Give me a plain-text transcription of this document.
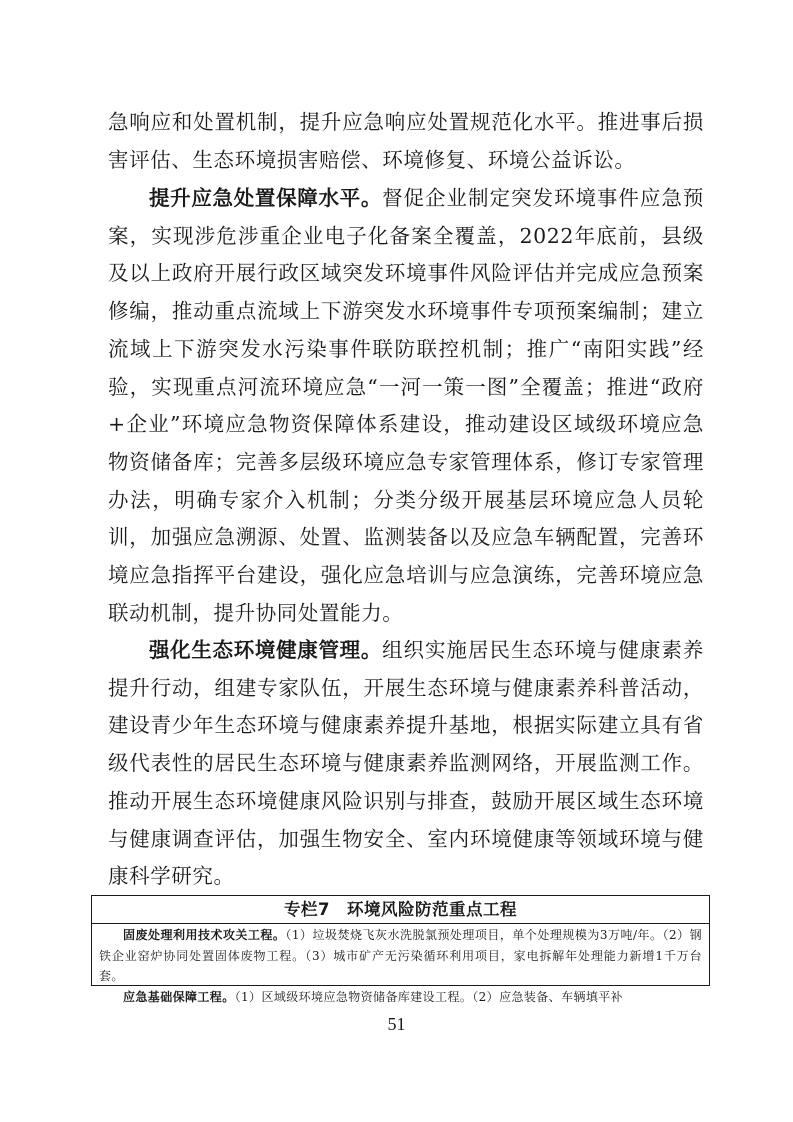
急响应和处置机制，提升应急响应处置规范化水平。推进事后损害评估、生态环境损害赔偿、环境修复、环境公益诉讼。

提升应急处置保障水平。督促企业制定突发环境事件应急预案，实现涉危涉重企业电子化备案全覆盖，2022年底前，县级及以上政府开展行政区域突发环境事件风险评估并完成应急预案修编，推动重点流域上下游突发水环境事件专项预案编制；建立流域上下游突发水污染事件联防联控机制；推广“南阳实践”经验，实现重点河流环境应急“一河一策一图”全覆盖；推进“政府+企业”环境应急物资保障体系建设，推动建设区域级环境应急物资储备库；完善多层级环境应急专家管理体系，修订专家管理办法，明确专家介入机制；分类分级开展基层环境应急人员轮训，加强应急溯源、处置、监测装备以及应急车辆配置，完善环境应急指挥平台建设，强化应急培训与应急演练，完善环境应急联动机制，提升协同处置能力。

强化生态环境健康管理。组织实施居民生态环境与健康素养提升行动，组建专家队伍，开展生态环境与健康素养科普活动，建设青少年生态环境与健康素养提升基地，根据实际建立具有省级代表性的居民生态环境与健康素养监测网络，开展监测工作。推动开展生态环境健康风险识别与排查，鼓励开展区域生态环境与健康调查评估，加强生物安全、室内环境健康等领域环境与健康科学研究。

专栏7　环境风险防范重点工程

固废处理利用技术攻关工程。（1）垃圾焚烧飞灰水洗脱氯预处理项目，单个处理规模为3万吨/年。（2）钢铁企业窑炉协同处置固体废物工程。（3）城市矿产无污染循环利用项目，家电拆解年处理能力新增1千万台套。

应急基础保障工程。（1）区域级环境应急物资储备库建设工程。（2）应急装备、车辆填平补

51
